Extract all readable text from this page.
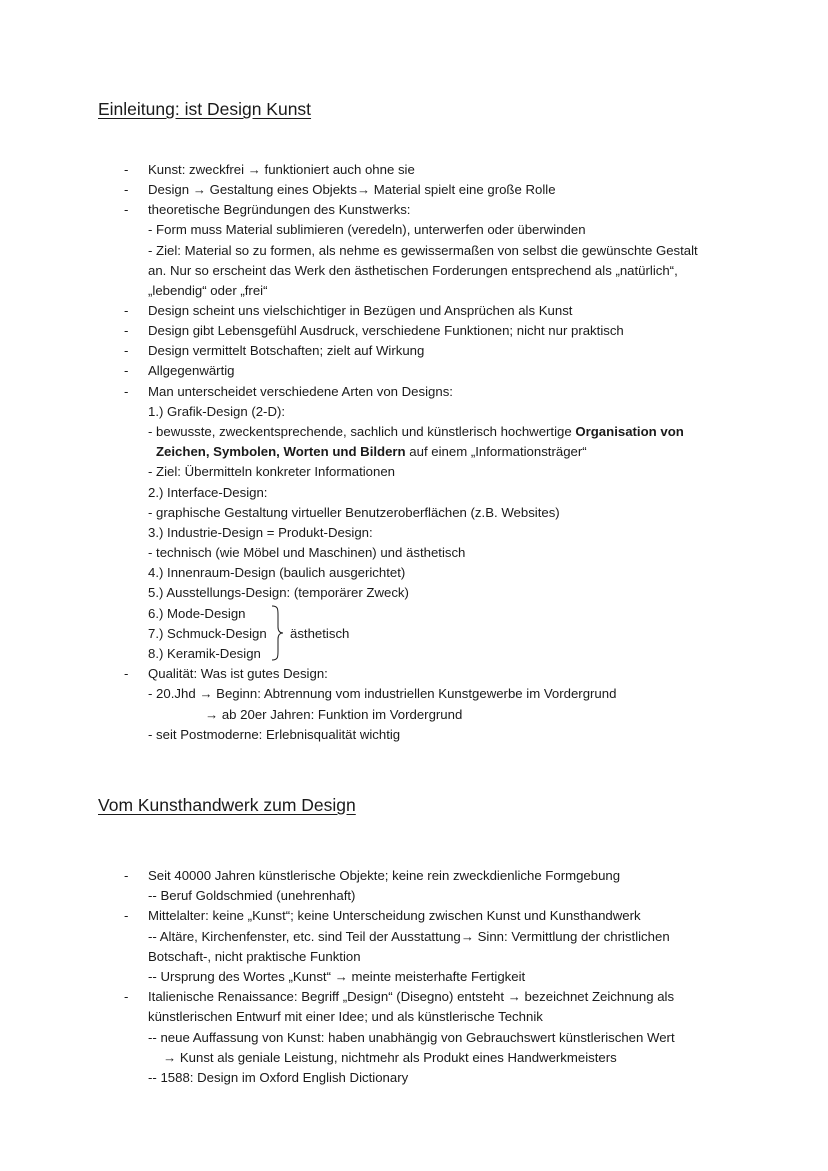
Einleitung: ist Design Kunst
-
-
-
-
-
-
-
-
-
Kunst: zweckfrei → funktioniert auch ohne sie
Design → Gestaltung eines Objekts→ Material spielt eine große Rolle
theoretische Begründungen des Kunstwerks:
- Form muss Material sublimieren (veredeln), unterwerfen oder überwinden
- Ziel: Material so zu formen, als nehme es gewissermaßen von selbst die gewünschte Gestalt
an. Nur so erscheint das Werk den ästhetischen Forderungen entsprechend als „natürlich“,
„lebendig“ oder „frei“
Design scheint uns vielschichtiger in Bezügen und Ansprüchen als Kunst
Design gibt Lebensgefühl Ausdruck, verschiedene Funktionen; nicht nur praktisch
Design vermittelt Botschaften; zielt auf Wirkung
Allgegenwärtig
Man unterscheidet verschiedene Arten von Designs:
1.) Grafik-Design (2-D):
- bewusste, zweckentsprechende, sachlich und künstlerisch hochwertige Organisation von
Zeichen, Symbolen, Worten und Bildern auf einem „Informationsträger“
- Ziel: Übermitteln konkreter Informationen
2.) Interface-Design:
- graphische Gestaltung virtueller Benutzeroberflächen (z.B. Websites)
3.) Industrie-Design = Produkt-Design:
- technisch (wie Möbel und Maschinen) und ästhetisch
4.) Innenraum-Design (baulich ausgerichtet)
5.) Ausstellungs-Design: (temporärer Zweck)
6.) Mode-Design
7.) Schmuck-Design ästhetisch
8.) Keramik-Design
Qualität: Was ist gutes Design:
- 20.Jhd → Beginn: Abtrennung vom industriellen Kunstgewerbe im Vordergrund
→ ab 20er Jahren: Funktion im Vordergrund
- seit Postmoderne: Erlebnisqualität wichtig
Vom Kunsthandwerk zum Design
-
-
-
Seit 40000 Jahren künstlerische Objekte; keine rein zweckdienliche Formgebung
-- Beruf Goldschmied (unehrenhaft)
Mittelalter: keine „Kunst“; keine Unterscheidung zwischen Kunst und Kunsthandwerk
-- Altäre, Kirchenfenster, etc. sind Teil der Ausstattung→ Sinn: Vermittlung der christlichen
Botschaft-, nicht praktische Funktion
-- Ursprung des Wortes „Kunst“ → meinte meisterhafte Fertigkeit
Italienische Renaissance: Begriff „Design“ (Disegno) entsteht → bezeichnet Zeichnung als
künstlerischen Entwurf mit einer Idee; und als künstlerische Technik
-- neue Auffassung von Kunst: haben unabhängig von Gebrauchswert künstlerischen Wert
→ Kunst als geniale Leistung, nichtmehr als Produkt eines Handwerkmeisters
-- 1588: Design im Oxford English Dictionary
